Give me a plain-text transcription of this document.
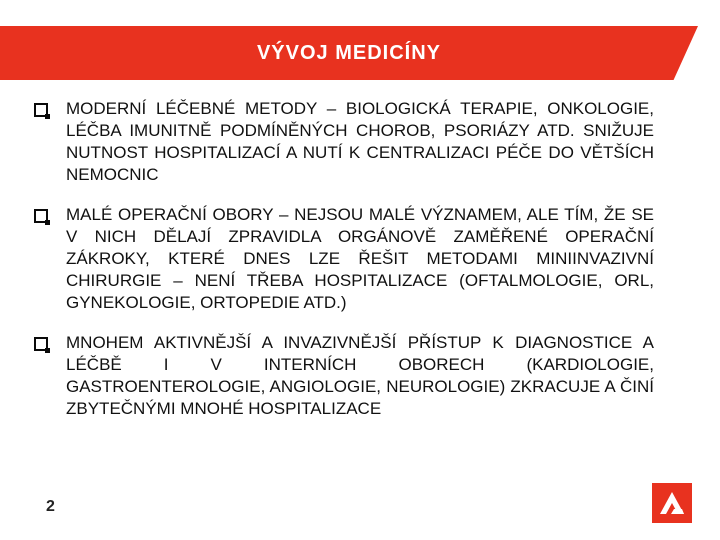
VÝVOJ MEDICÍNY
MODERNÍ LÉČEBNÉ METODY – BIOLOGICKÁ TERAPIE, ONKOLOGIE, LÉČBA IMUNITNĚ PODMÍNĚNÝCH CHOROB, PSORIÁZY ATD. SNIŽUJE NUTNOST HOSPITALIZACÍ A NUTÍ K CENTRALIZACI PÉČE DO VĚTŠÍCH NEMOCNIC
MALÉ OPERAČNÍ OBORY – NEJSOU MALÉ VÝZNAMEM, ALE TÍM, ŽE SE V NICH DĚLAJÍ ZPRAVIDLA ORGÁNOVĚ ZAMĚŘENÉ OPERAČNÍ ZÁKROKY, KTERÉ DNES LZE ŘEŠIT METODAMI MINIINVAZIVNÍ CHIRURGIE – NENÍ TŘEBA HOSPITALIZACE (OFTALMOLOGIE, ORL, GYNEKOLOGIE, ORTOPEDIE ATD.)
MNOHEM AKTIVNĚJŠÍ A INVAZIVNĚJŠÍ PŘÍSTUP K DIAGNOSTICE A LÉČBĚ I V INTERNÍCH OBORECH (KARDIOLOGIE, GASTROENTEROLOGIE, ANGIOLOGIE, NEUROLOGIE) ZKRACUJE A ČINÍ ZBYTEČNÝMI MNOHÉ HOSPITALIZACE
2
